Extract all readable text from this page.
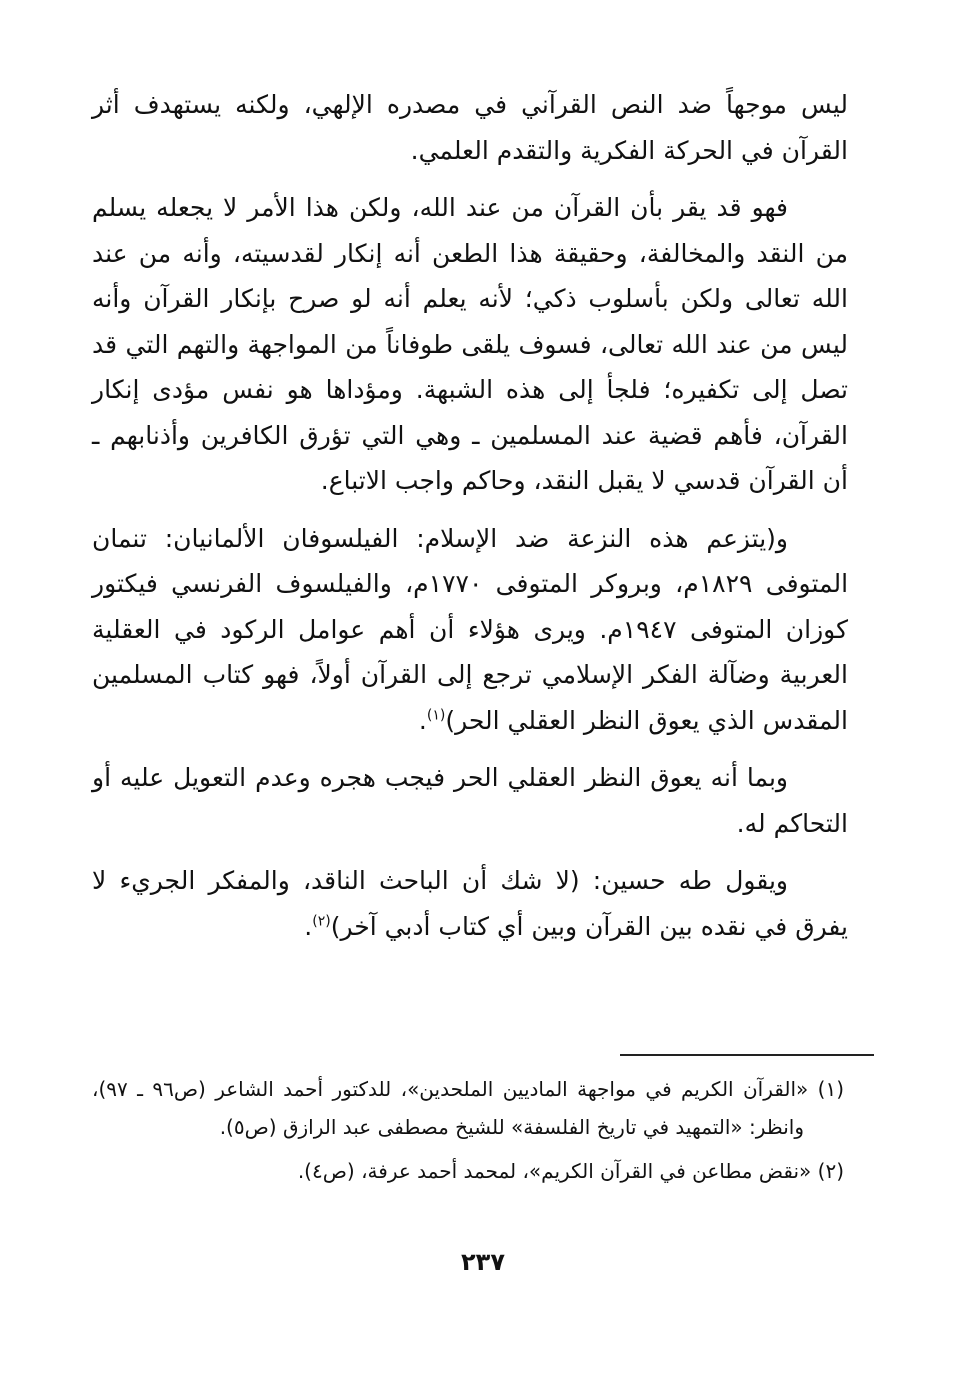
ليس موجهاً ضد النص القرآني في مصدره الإلهي، ولكنه يستهدف أثر القرآن في الحركة الفكرية والتقدم العلمي.

فهو قد يقر بأن القرآن من عند الله، ولكن هذا الأمر لا يجعله يسلم من النقد والمخالفة، وحقيقة هذا الطعن أنه إنكار لقدسيته، وأنه من عند الله تعالى ولكن بأسلوب ذكي؛ لأنه يعلم أنه لو صرح بإنكار القرآن وأنه ليس من عند الله تعالى، فسوف يلقى طوفاناً من المواجهة والتهم التي قد تصل إلى تكفيره؛ فلجأ إلى هذه الشبهة. ومؤداها هو نفس مؤدى إنكار القرآن، فأهم قضية عند المسلمين ـ وهي التي تؤرق الكافرين وأذنابهم ـ أن القرآن قدسي لا يقبل النقد، وحاكم واجب الاتباع.

و(يتزعم هذه النزعة ضد الإسلام: الفيلسوفان الألمانيان: تنمان المتوفى ١٨٢٩م، وبروكر المتوفى ١٧٧٠م، والفيلسوف الفرنسي فيكتور كوزان المتوفى ١٩٤٧م. ويرى هؤلاء أن أهم عوامل الركود في العقلية العربية وضآلة الفكر الإسلامي ترجع إلى القرآن أولاً، فهو كتاب المسلمين المقدس الذي يعوق النظر العقلي الحر)$^{(١)}$.

وبما أنه يعوق النظر العقلي الحر فيجب هجره وعدم التعويل عليه أو التحاكم له.

ويقول طه حسين: (لا شك أن الباحث الناقد، والمفكر الجريء لا يفرق في نقده بين القرآن وبين أي كتاب أدبي آخر)$^{(٢)}$.

(١) «القرآن الكريم في مواجهة الماديين الملحدين»، للدكتور أحمد الشاعر (ص٩٦ ـ ٩٧)، وانظر: «التمهيد في تاريخ الفلسفة» للشيخ مصطفى عبد الرازق (ص٥).

(٢) «نقض مطاعن في القرآن الكريم»، لمحمد أحمد عرفة، (ص٤).

٢٣٧
